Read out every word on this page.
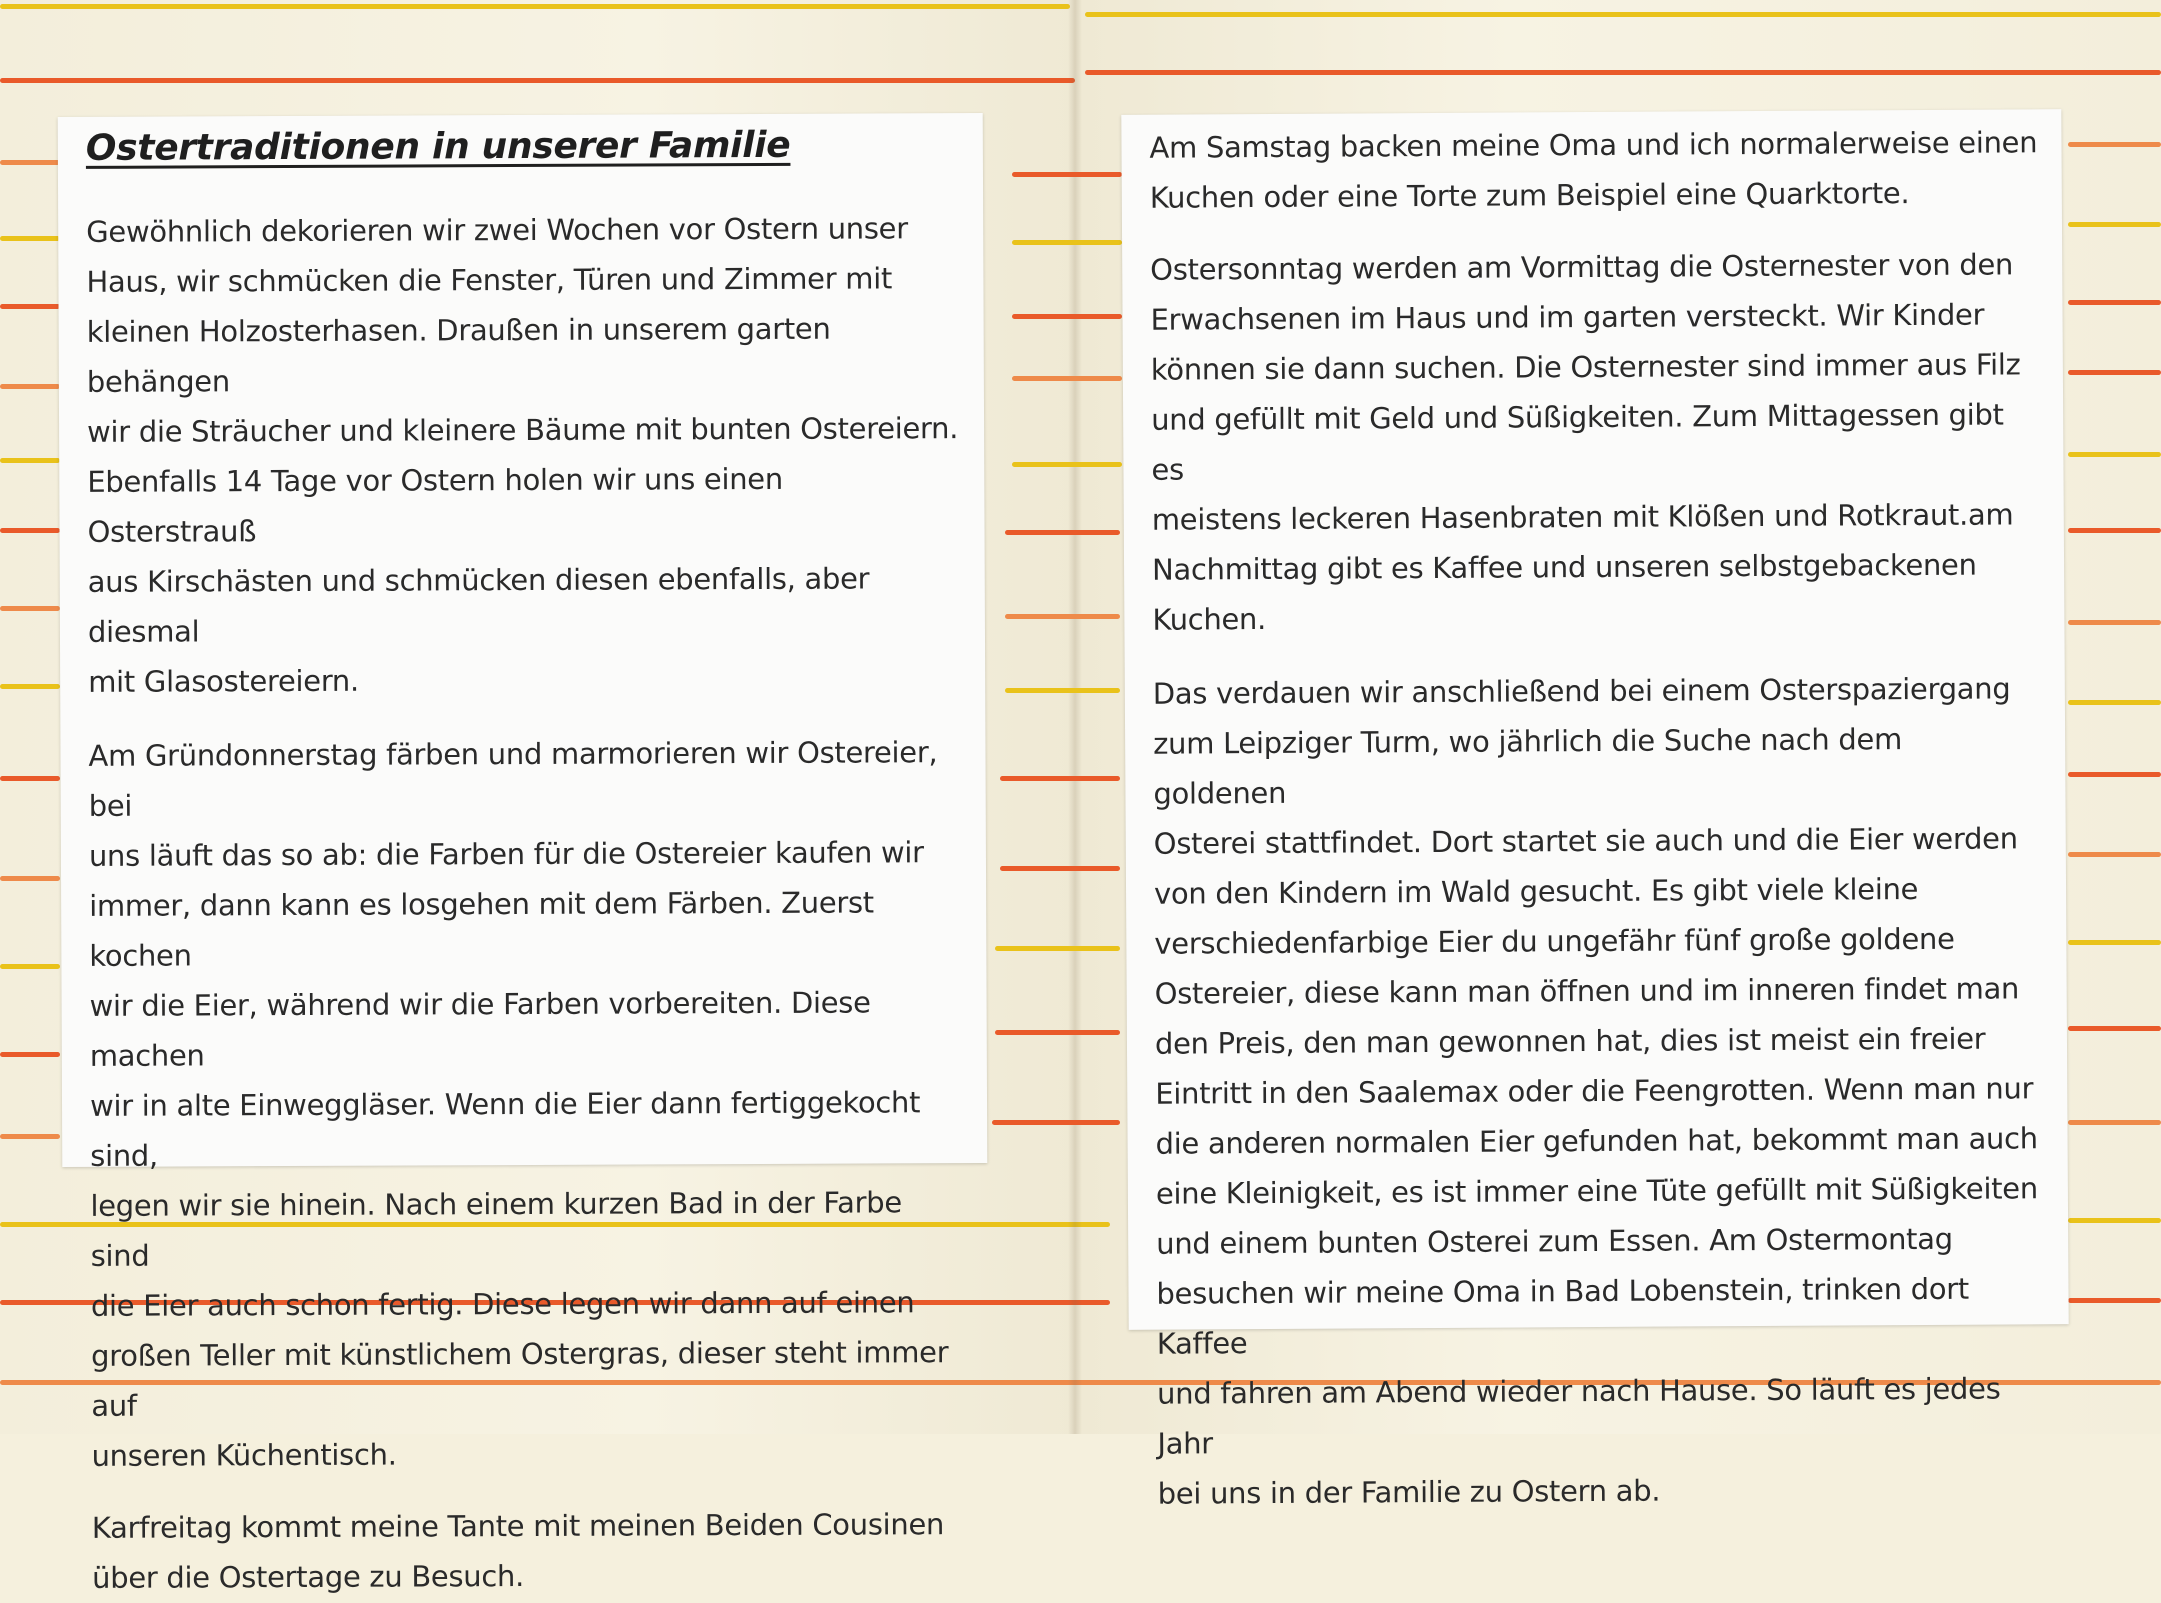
Ostertraditionen in unserer Familie

Gewöhnlich dekorieren wir zwei Wochen vor Ostern unser
Haus, wir schmücken die Fenster, Türen und Zimmer mit
kleinen Holzosterhasen. Draußen in unserem garten behängen
wir die Sträucher und kleinere Bäume mit bunten Ostereiern.
Ebenfalls 14 Tage vor Ostern holen wir uns einen Osterstrauß
aus Kirschästen und schmücken diesen ebenfalls, aber diesmal
mit Glasostereiern.

Am Gründonnerstag färben und marmorieren wir Ostereier, bei
uns läuft das so ab: die Farben für die Ostereier kaufen wir
immer, dann kann es losgehen mit dem Färben. Zuerst kochen
wir die Eier, während wir die Farben vorbereiten. Diese machen
wir in alte Einweggläser. Wenn die Eier dann fertiggekocht sind,
legen wir sie hinein. Nach einem kurzen Bad in der Farbe sind
die Eier auch schon fertig. Diese legen wir dann auf einen
großen Teller mit künstlichem Ostergras, dieser steht immer auf
unseren Küchentisch.

Karfreitag kommt meine Tante mit meinen Beiden Cousinen
über die Ostertage zu Besuch.

Am Samstag backen meine Oma und ich normalerweise einen
Kuchen oder eine Torte zum Beispiel eine Quarktorte.

Ostersonntag werden am Vormittag die Osternester von den
Erwachsenen im Haus und im garten versteckt. Wir Kinder
können sie dann suchen. Die Osternester sind immer aus Filz
und gefüllt mit Geld und Süßigkeiten. Zum Mittagessen gibt es
meistens leckeren Hasenbraten mit Klößen und Rotkraut.am
Nachmittag gibt es Kaffee und unseren selbstgebackenen
Kuchen.

Das verdauen wir anschließend bei einem Osterspaziergang
zum Leipziger Turm, wo jährlich die Suche nach dem goldenen
Osterei stattfindet. Dort startet sie auch und die Eier werden
von den Kindern im Wald gesucht. Es gibt viele kleine
verschiedenfarbige Eier du ungefähr fünf große goldene
Ostereier, diese kann man öffnen und im inneren findet man
den Preis, den man gewonnen hat, dies ist meist ein freier
Eintritt in den Saalemax oder die Feengrotten. Wenn man nur
die anderen normalen Eier gefunden hat, bekommt man auch
eine Kleinigkeit, es ist immer eine Tüte gefüllt mit Süßigkeiten
und einem bunten Osterei zum Essen. Am Ostermontag
besuchen wir meine Oma in Bad Lobenstein, trinken dort Kaffee
und fahren am Abend wieder nach Hause. So läuft es jedes Jahr
bei uns in der Familie zu Ostern ab.
